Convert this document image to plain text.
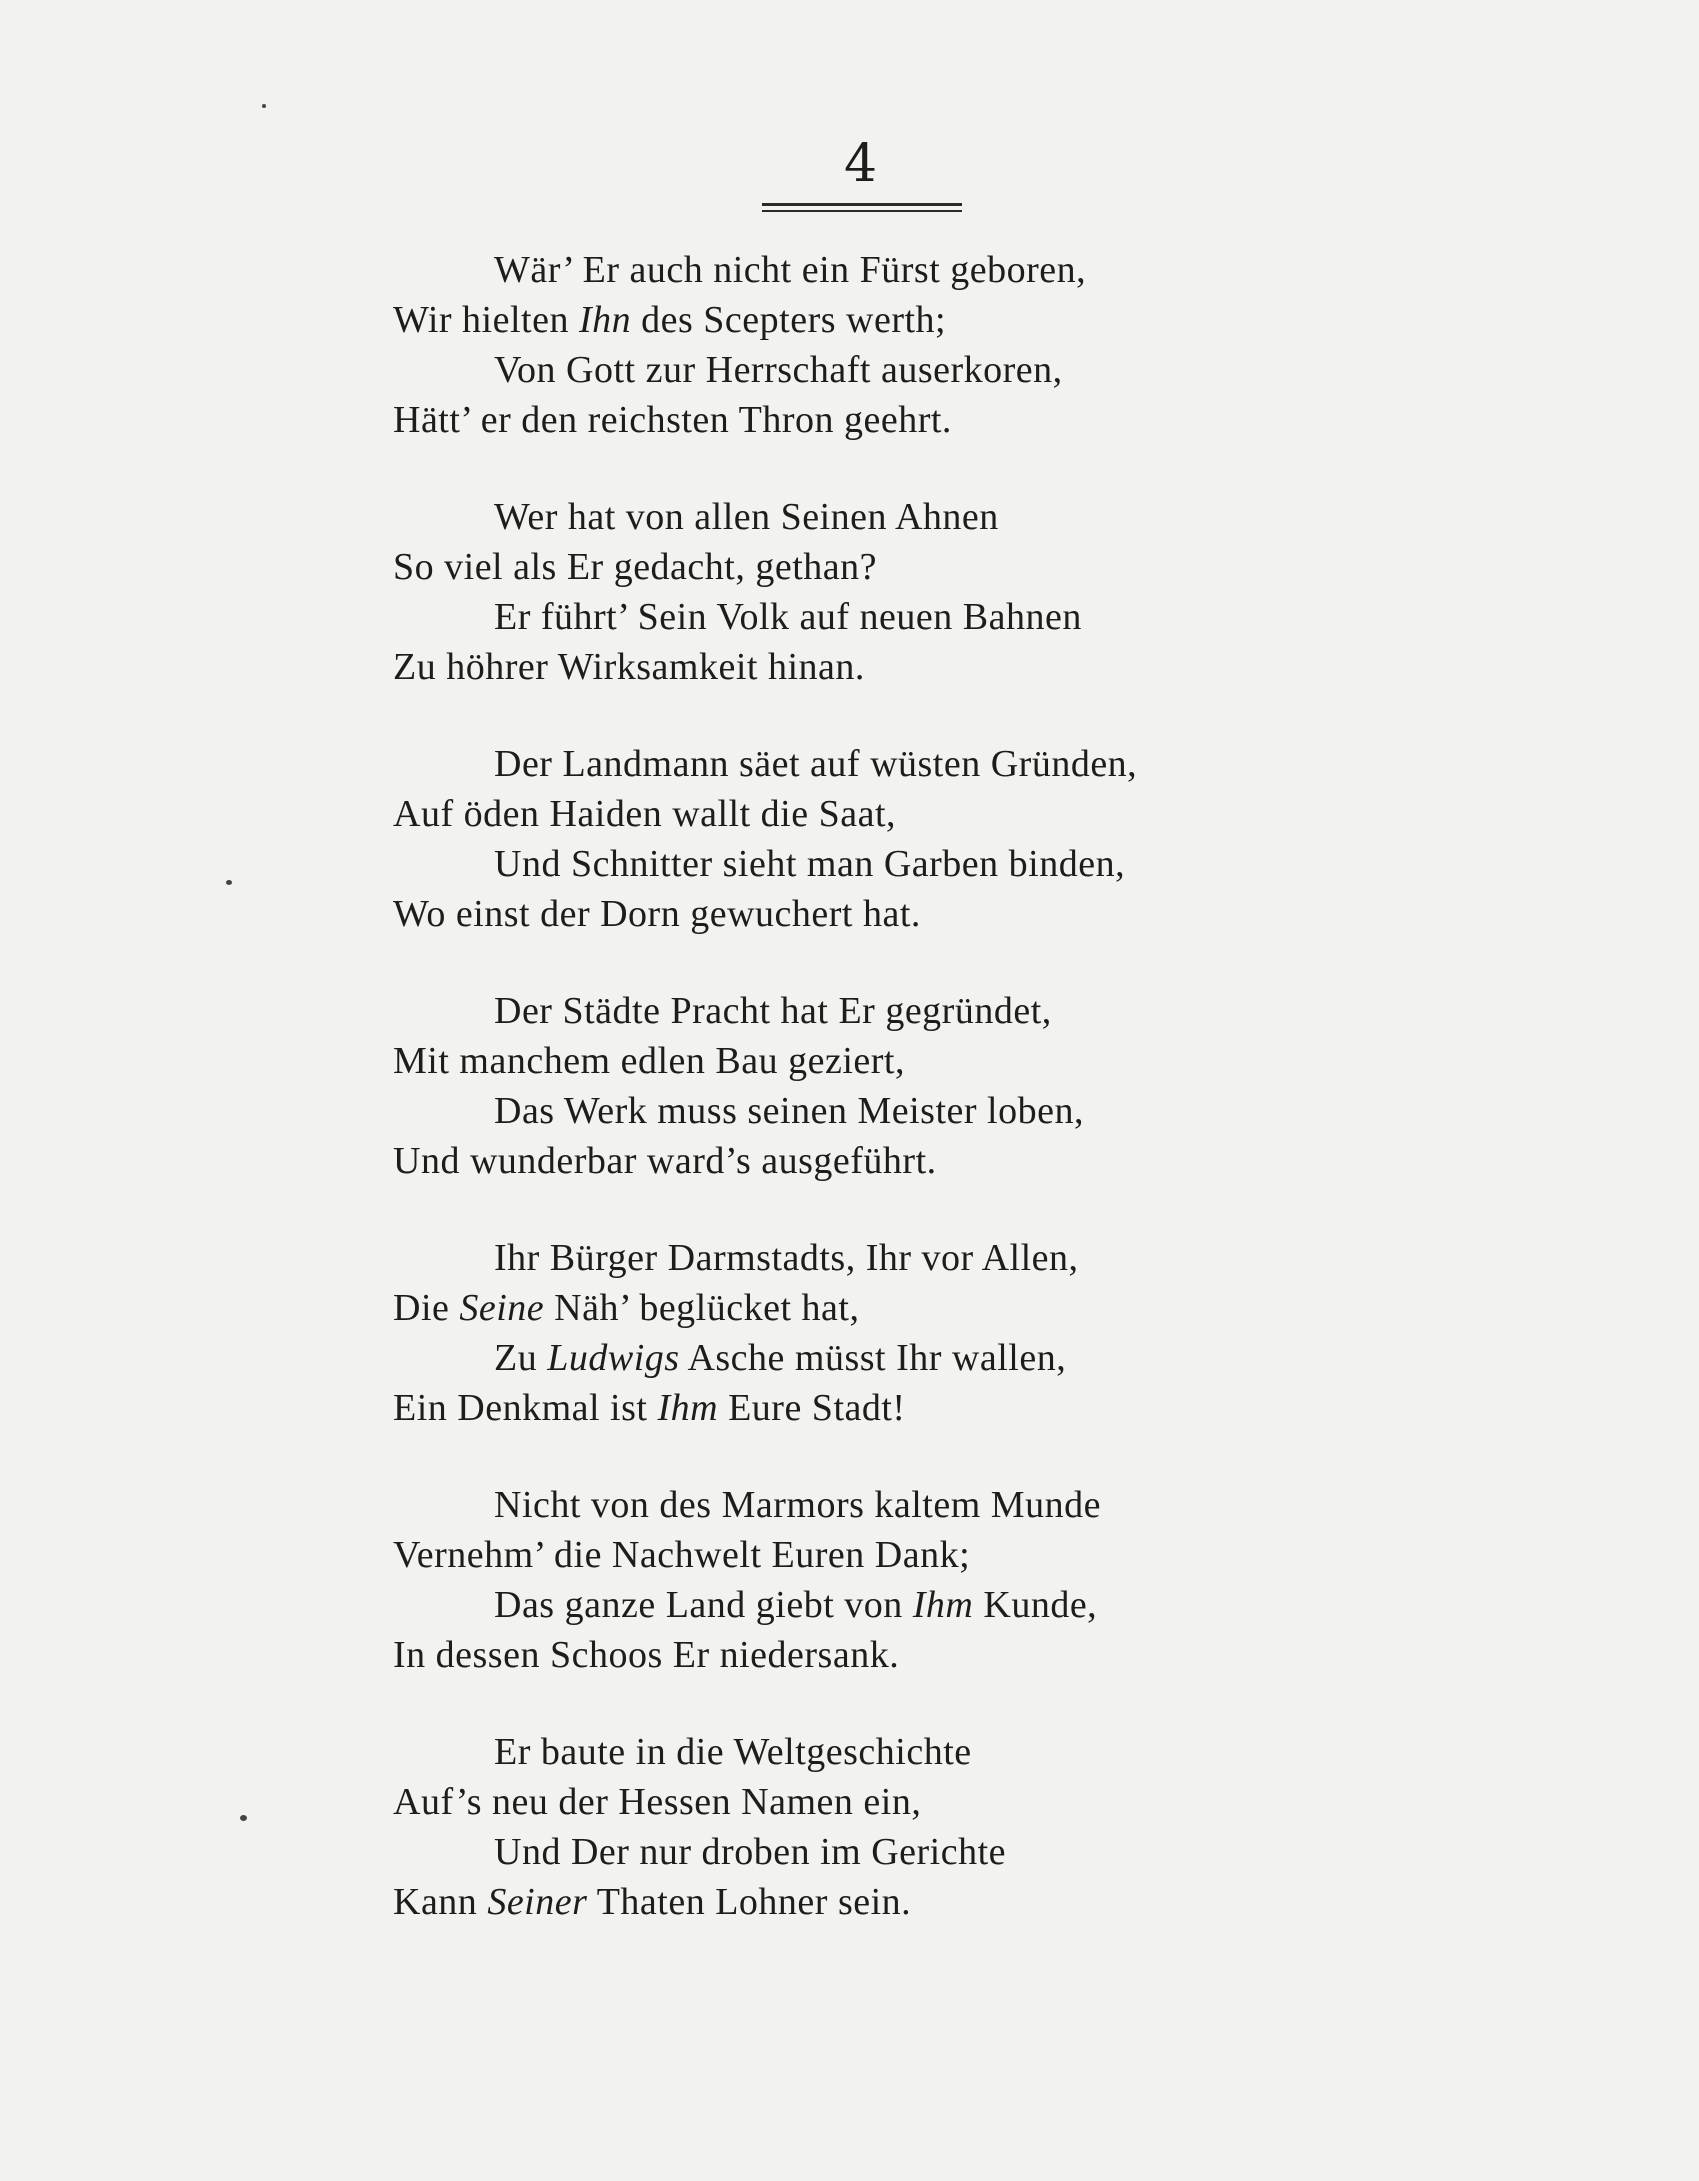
4
Wär’ Er auch nicht ein Fürst geboren,
Wir hielten Ihn des Scepters werth;
Von Gott zur Herrschaft auserkoren,
Hätt’ er den reichsten Thron geehrt.
Wer hat von allen Seinen Ahnen
So viel als Er gedacht, gethan?
Er führt’ Sein Volk auf neuen Bahnen
Zu höhrer Wirksamkeit hinan.
Der Landmann säet auf wüsten Gründen,
Auf öden Haiden wallt die Saat,
Und Schnitter sieht man Garben binden,
Wo einst der Dorn gewuchert hat.
Der Städte Pracht hat Er gegründet,
Mit manchem edlen Bau geziert,
Das Werk muss seinen Meister loben,
Und wunderbar ward’s ausgeführt.
Ihr Bürger Darmstadts, Ihr vor Allen,
Die Seine Näh’ beglücket hat,
Zu Ludwigs Asche müsst Ihr wallen,
Ein Denkmal ist Ihm Eure Stadt!
Nicht von des Marmors kaltem Munde
Vernehm’ die Nachwelt Euren Dank;
Das ganze Land giebt von Ihm Kunde,
In dessen Schoos Er niedersank.
Er baute in die Weltgeschichte
Auf’s neu der Hessen Namen ein,
Und Der nur droben im Gerichte
Kann Seiner Thaten Lohner sein.
